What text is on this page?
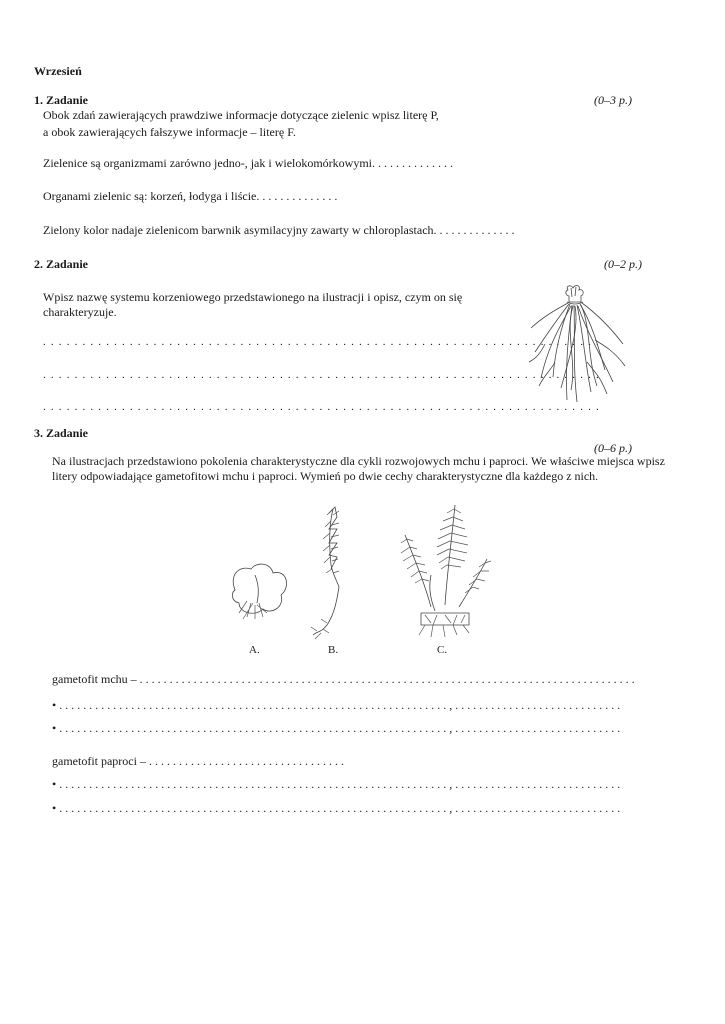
Wrzesień
1. Zadanie	(0–3 p.)
Obok zdań zawierających prawdziwe informacje dotyczące zielenic wpisz literę P,
a obok zawierających fałszywe informacje – literę F.
Zielenice są organizmami zarówno jedno-, jak i wielokomórkowymi. . . . . . . . . . . . . .
Organami zielenic są: korzeń, łodyga i liście. . . . . . . . . . . . . .
Zielony kolor nadaje zielenicom barwnik asymilacyjny zawarty w chloroplastach. . . . . . . . . . . . . .
2. Zadanie	(0–2 p.)
Wpisz nazwę systemu korzeniowego przedstawionego na ilustracji i opisz, czym on się
charakteryzuje.
. . . . . . . . . . . . . . . . . . . . . . . . . . . . . . . . . . . . . . . . . . . . . . . . . . . . . . . . . . . . . . . . . . . . . . .
. . . . . . . . . . . . . . . . . . . . . . . . . . . . . . . . . . . . . . . . . . . . . . . . . . . . . . . . . . . . . . . . . . . . . . .
. . . . . . . . . . . . . . . . . . . . . . . . . . . . . . . . . . . . . . . . . . . . . . . . . . . . . . . . . . . . . . . . . . . . . . .
3. Zadanie
(0–6 p.)
Na ilustracjach przedstawiono pokolenia charakterystyczne dla cykli rozwojowych mchu i paproci. We właściwe miejsca wpisz
litery odpowiadające gametofitowi mchu i paproci. Wymień po dwie cechy charakterystyczne dla każdego z nich.
A.	B.	C.
gametofit mchu – . . . . . . . . . . . . . . . . . . . . . . . . . . . . . . . . . . . . . . . . . . . . . . . . . . . . . . . . . . . . . . . . . . . . . . . . . . . . . . . . . . .
• . . . . . . . . . . . . . . . . . . . . . . . . . . . . . . . . . . . . . . . . . . . . . . . . . . . . . . . . . . . . . . . . . , . . . . . . . . . . . . . . . . . . . . . . . . . . . .
• . . . . . . . . . . . . . . . . . . . . . . . . . . . . . . . . . . . . . . . . . . . . . . . . . . . . . . . . . . . . . . . . . , . . . . . . . . . . . . . . . . . . . . . . . . . . . .
gametofit paproci – . . . . . . . . . . . . . . . . . . . . . . . . . . . . . . . . .
• . . . . . . . . . . . . . . . . . . . . . . . . . . . . . . . . . . . . . . . . . . . . . . . . . . . . . . . . . . . . . . . . . , . . . . . . . . . . . . . . . . . . . . . . . . . . . .
• . . . . . . . . . . . . . . . . . . . . . . . . . . . . . . . . . . . . . . . . . . . . . . . . . . . . . . . . . . . . . . . . . , . . . . . . . . . . . . . . . . . . . . . . . . . . . .
